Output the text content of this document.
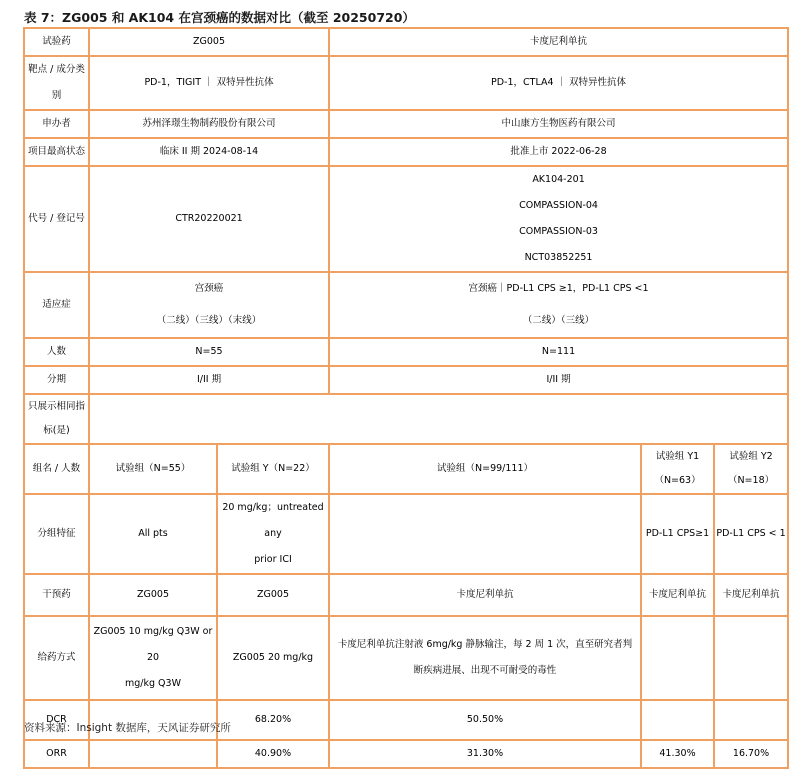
表 7：ZG005 和 AK104 在宫颈癌的数据对比（截至 20250720）
试验药	ZG005		卡度尼利单抗		

靶点 / 成分类
别	PD-1，TIGIT ｜ 双特异性抗体		PD-1，CTLA4 ｜ 双特异性抗体		
申办者	苏州泽璟生物制药股份有限公司		中山康方生物医药有限公司		
项目最高状态	临床 II 期 2024-08-14		批准上市 2022-06-28		
代号 / 登记号	CTR20220021		AK104-201
COMPASSION-04
COMPASSION-03
NCT03852251		

适应症	宫颈癌
（二线）（三线）（末线）		宫颈癌｜PD-L1 CPS ≥1，PD-L1 CPS <1
（二线）（三线）		

人数	N=55		N=111		
分期	I/II 期		I/II 期		

只展示相同指
标(是)					

组名 / 人数	试验组（N=55）	试验组 Y（N=22）	试验组（N=99/111）	试验组 Y1
（N=63）	试验组 Y2
（N=18）

分组特征	All pts	20 mg/kg；untreated any
prior ICI		PD-L1 CPS≥1	PD-L1 CPS < 1
干预药	ZG005	ZG005	卡度尼利单抗	卡度尼利单抗	卡度尼利单抗
给药方式	ZG005 10 mg/kg Q3W or 20
mg/kg Q3W	ZG005 20 mg/kg	卡度尼利单抗注射液 6mg/kg 静脉输注，每 2 周 1 次，直至研究者判
断疾病进展、出现不可耐受的毒性		

DCR		68.20%	50.50%		
ORR		40.90%	31.30%	41.30%	16.70%
资料来源：Insight 数据库，天风证券研究所
